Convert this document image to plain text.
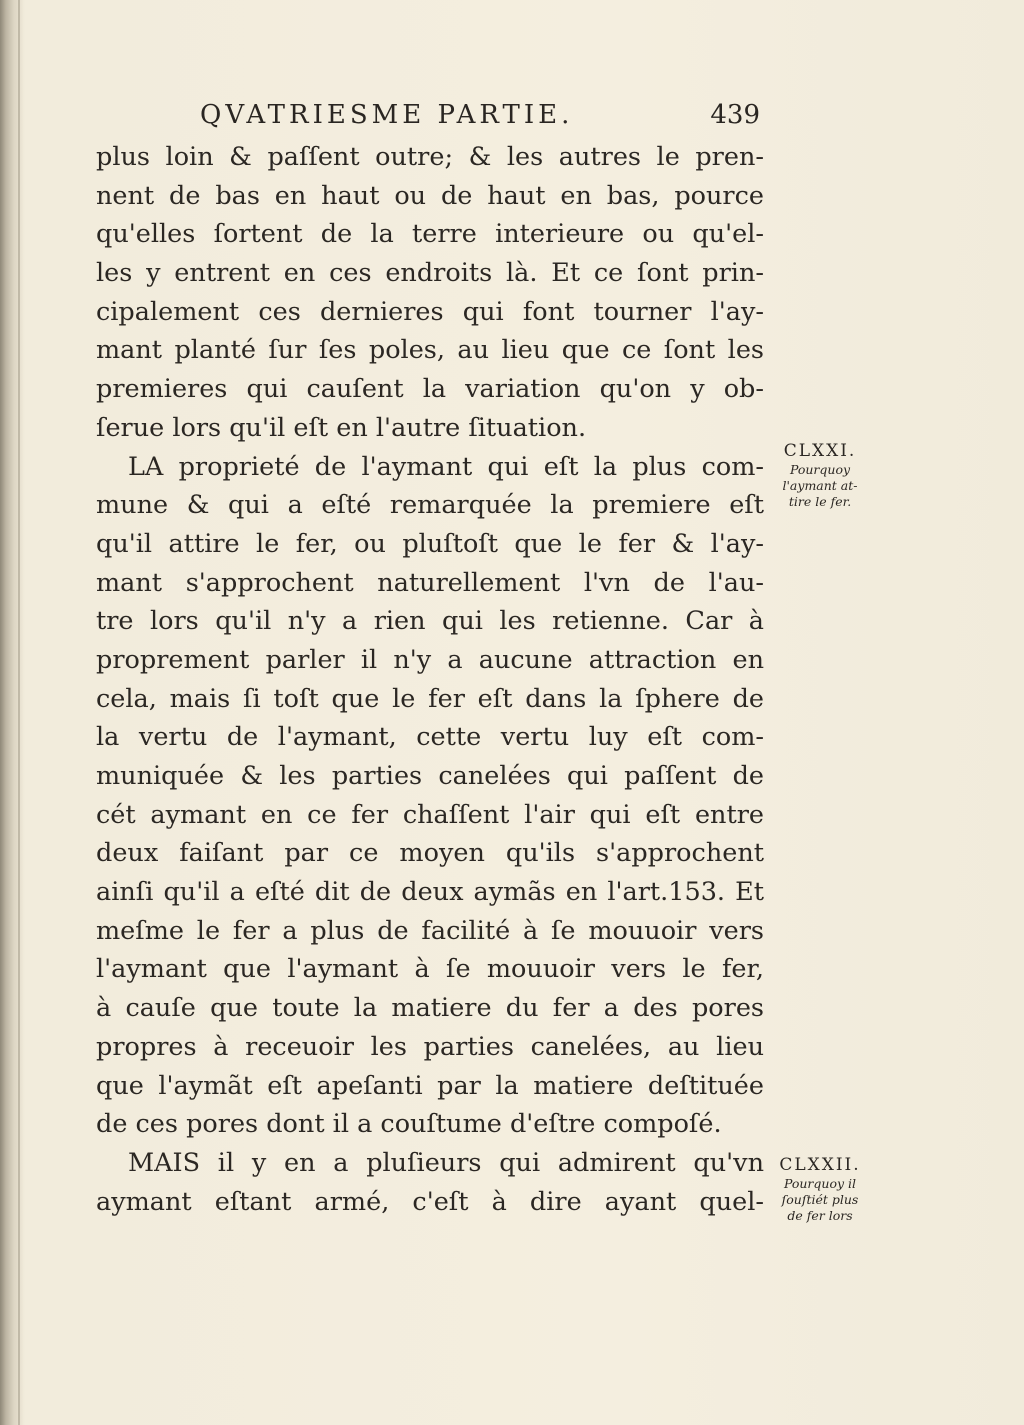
QVATRIESME PARTIE.	439
plus loin & paſſent outre; & les autres le pren-
nent de bas en haut ou de haut en bas, pource
qu'elles ſortent de la terre interieure ou qu'el-
les y entrent en ces endroits là. Et ce ſont prin-
cipalement ces dernieres qui font tourner l'ay-
mant planté ſur ſes poles, au lieu que ce ſont les
premieres qui cauſent la variation qu'on y ob-
ſerue lors qu'il eſt en l'autre ſituation.
LA proprieté de l'aymant qui eſt la plus com-
mune & qui a eſté remarquée la premiere eſt
qu'il attire le fer, ou pluſtoſt que le fer & l'ay-
mant s'approchent naturellement l'vn de l'au-
tre lors qu'il n'y a rien qui les retienne. Car à
proprement parler il n'y a aucune attraction en
cela, mais ſi toſt que le fer eſt dans la ſphere de
la vertu de l'aymant, cette vertu luy eſt com-
muniquée & les parties canelées qui paſſent de
cét aymant en ce fer chaſſent l'air qui eſt entre
deux faiſant par ce moyen qu'ils s'approchent
ainſi qu'il a eſté dit de deux aymãs en l'art.153. Et
meſme le fer a plus de facilité à ſe mouuoir vers
l'aymant que l'aymant à ſe mouuoir vers le fer,
à cauſe que toute la matiere du fer a des pores
propres à receuoir les parties canelées, au lieu
que l'aymãt eſt apeſanti par la matiere deſtituée
de ces pores dont il a couſtume d'eſtre compoſé.
MAIS il y en a pluſieurs qui admirent qu'vn
aymant eſtant armé, c'eſt à dire ayant quel-
CLXXI.
Pourquoy
l'aymant at-
tire le fer.
CLXXII.
Pourquoy il
ſouſtiét plus
de fer lors
